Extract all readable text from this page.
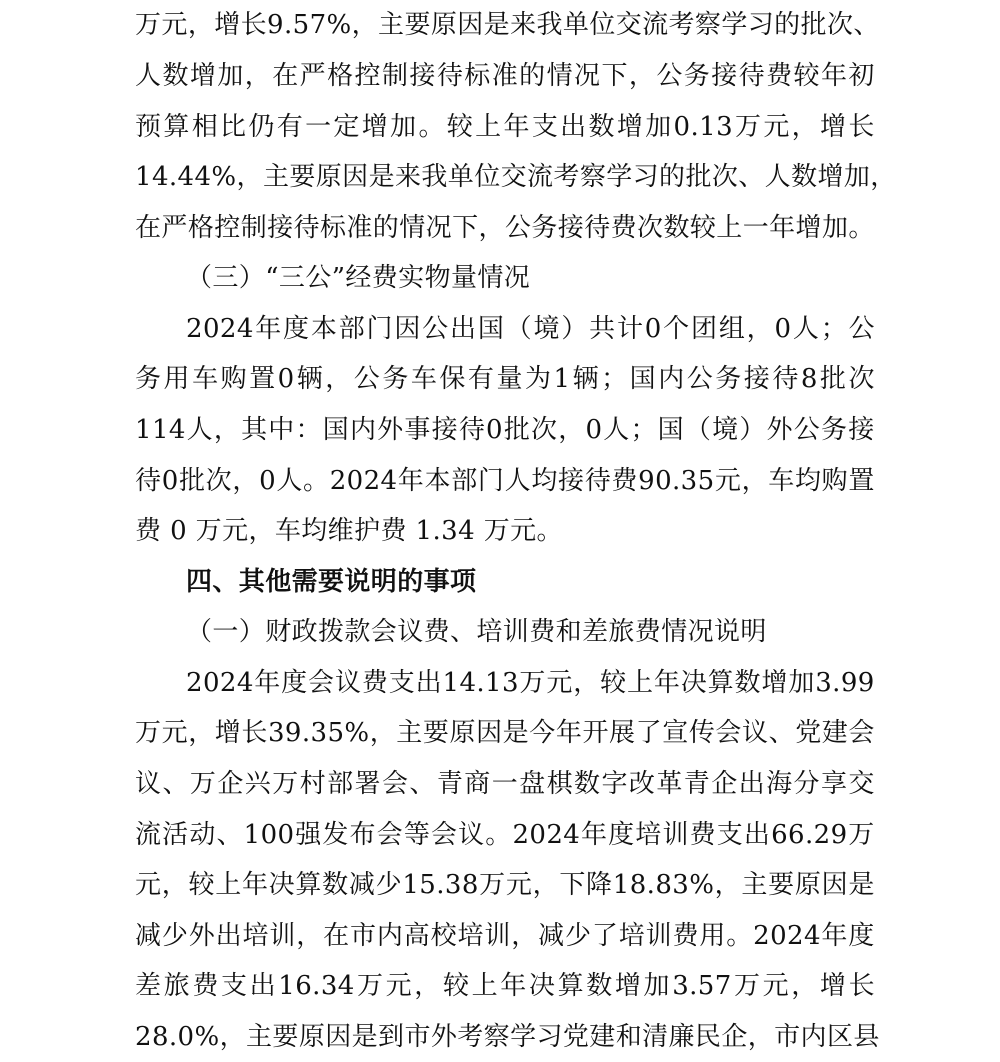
万 元 ， 增 长 9.57% ， 主 要 原 因 是 来 我 单 位 交 流 考 察 学 习 的 批 次 、
人 数 增 加 ， 在 严 格 控 制 接 待 标 准 的 情 况 下 ， 公 务 接 待 费 较 年 初
预 算 相 比 仍 有 一 定 增 加 。 较 上 年 支 出 数 增 加 0.13 万 元 ， 增 长
14.44% ， 主 要 原 因 是 来 我 单 位 交 流 考 察 学 习 的 批 次 、 人 数 增 加 ，
在 严 格 控 制 接 待 标 准 的 情 况 下 ， 公 务 接 待 费 次 数 较 上 一 年 增 加 。
（三）“三公”经费实物量情况
2024 年 度 本 部 门 因 公 出 国 （ 境 ） 共 计 0 个 团 组 ， 0 人 ； 公
务 用 车 购 置 0 辆 ， 公 务 车 保 有 量 为 1 辆 ； 国 内 公 务 接 待 8 批 次
114 人 ， 其 中 ： 国 内 外 事 接 待 0 批 次 ， 0 人 ； 国 （ 境 ） 外 公 务 接
待 0 批 次 ， 0 人 。 2024 年 本 部 门 人 均 接 待 费 90.35 元 ， 车 均 购 置
费 0 万元，车均维护费 1.34 万元。
四、其他需要说明的事项
（一）财政拨款会议费、培训费和差旅费情况说明
2024 年 度 会 议 费 支 出 14.13 万 元 ， 较 上 年 决 算 数 增 加 3.99
万 元 ， 增 长 39.35% ， 主 要 原 因 是 今 年 开 展 了 宣 传 会 议 、 党 建 会
议 、 万 企 兴 万 村 部 署 会 、 青 商 一 盘 棋 数 字 改 革 青 企 出 海 分 享 交
流 活 动 、 100 强 发 布 会 等 会 议 。 2024 年 度 培 训 费 支 出 66.29 万
元 ， 较 上 年 决 算 数 减 少 15.38 万 元 ， 下 降 18.83% ， 主 要 原 因 是
减 少 外 出 培 训 ， 在 市 内 高 校 培 训 ， 减 少 了 培 训 费 用 。 2024 年 度
差 旅 费 支 出 16.34 万 元 ， 较 上 年 决 算 数 增 加 3.57 万 元 ， 增 长
28.0% ， 主 要 原 因 是 到 市 外 考 察 学 习 党 建 和 清 廉 民 企 ， 市 内 区 县
